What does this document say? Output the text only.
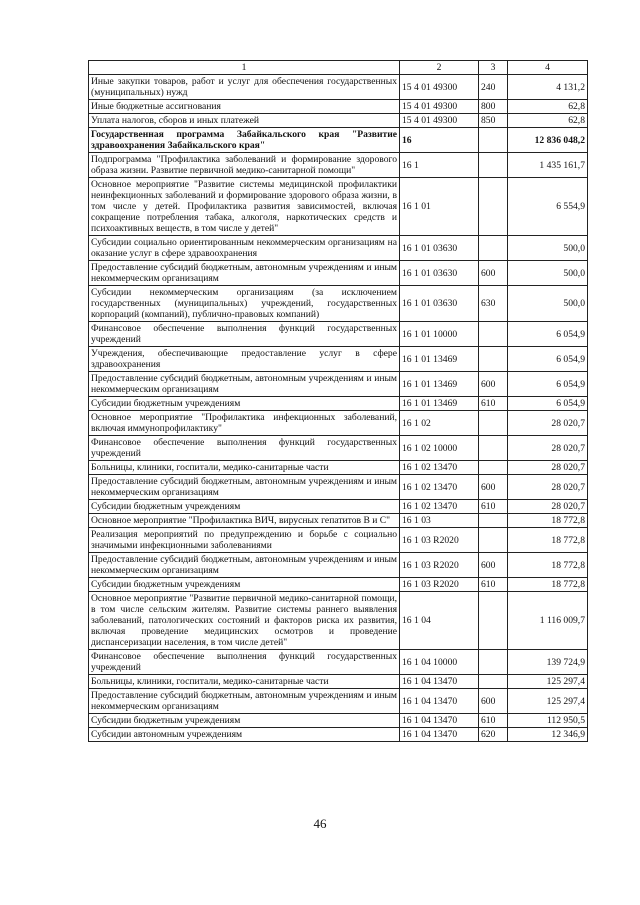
1	2	3	4
Иные закупки товаров, работ и услуг для обеспечения государственных (муниципальных) нужд	15 4 01 49300	240	4 131,2
Иные бюджетные ассигнования	15 4 01 49300	800	62,8
Уплата налогов, сборов и иных платежей	15 4 01 49300	850	62,8
Государственная программа Забайкальского края "Развитие здравоохранения Забайкальского края"	16		12 836 048,2
Подпрограмма "Профилактика заболеваний и формирование здорового образа жизни. Развитие первичной медико-санитарной помощи"	16 1		1 435 161,7
Основное мероприятие "Развитие системы медицинской профилактики неинфекционных заболеваний и формирование здорового образа жизни, в том числе у детей. Профилактика развития зависимостей, включая сокращение потребления табака, алкоголя, наркотических средств и психоактивных веществ, в том числе у детей"	16 1 01		6 554,9
Субсидии социально ориентированным некоммерческим организациям на оказание услуг в сфере здравоохранения	16 1 01 03630		500,0
Предоставление субсидий бюджетным, автономным учреждениям и иным некоммерческим организациям	16 1 01 03630	600	500,0
Субсидии некоммерческим организациям (за исключением государственных (муниципальных) учреждений, государственных корпораций (компаний), публично-правовых компаний)	16 1 01 03630	630	500,0
Финансовое обеспечение выполнения функций государственных учреждений	16 1 01 10000		6 054,9
Учреждения, обеспечивающие предоставление услуг в сфере здравоохранения	16 1 01 13469		6 054,9
Предоставление субсидий бюджетным, автономным учреждениям и иным некоммерческим организациям	16 1 01 13469	600	6 054,9
Субсидии бюджетным учреждениям	16 1 01 13469	610	6 054,9
Основное мероприятие "Профилактика инфекционных заболеваний, включая иммунопрофилактику"	16 1 02		28 020,7
Финансовое обеспечение выполнения функций государственных учреждений	16 1 02 10000		28 020,7
Больницы, клиники, госпитали, медико-санитарные части	16 1 02 13470		28 020,7
Предоставление субсидий бюджетным, автономным учреждениям и иным некоммерческим организациям	16 1 02 13470	600	28 020,7
Субсидии бюджетным учреждениям	16 1 02 13470	610	28 020,7
Основное мероприятие "Профилактика ВИЧ, вирусных гепатитов В и С"	16 1 03		18 772,8
Реализация мероприятий по предупреждению и борьбе с социально значимыми инфекционными заболеваниями	16 1 03 R2020		18 772,8
Предоставление субсидий бюджетным, автономным учреждениям и иным некоммерческим организациям	16 1 03 R2020	600	18 772,8
Субсидии бюджетным учреждениям	16 1 03 R2020	610	18 772,8
Основное мероприятие "Развитие первичной медико-санитарной помощи, в том числе сельским жителям. Развитие системы раннего выявления заболеваний, патологических состояний и факторов риска их развития, включая проведение медицинских осмотров и проведение диспансеризации населения, в том числе детей"	16 1 04		1 116 009,7
Финансовое обеспечение выполнения функций государственных учреждений	16 1 04 10000		139 724,9
Больницы, клиники, госпитали, медико-санитарные части	16 1 04 13470		125 297,4
Предоставление субсидий бюджетным, автономным учреждениям и иным некоммерческим организациям	16 1 04 13470	600	125 297,4
Субсидии бюджетным учреждениям	16 1 04 13470	610	112 950,5
Субсидии автономным учреждениям	16 1 04 13470	620	12 346,9
46
